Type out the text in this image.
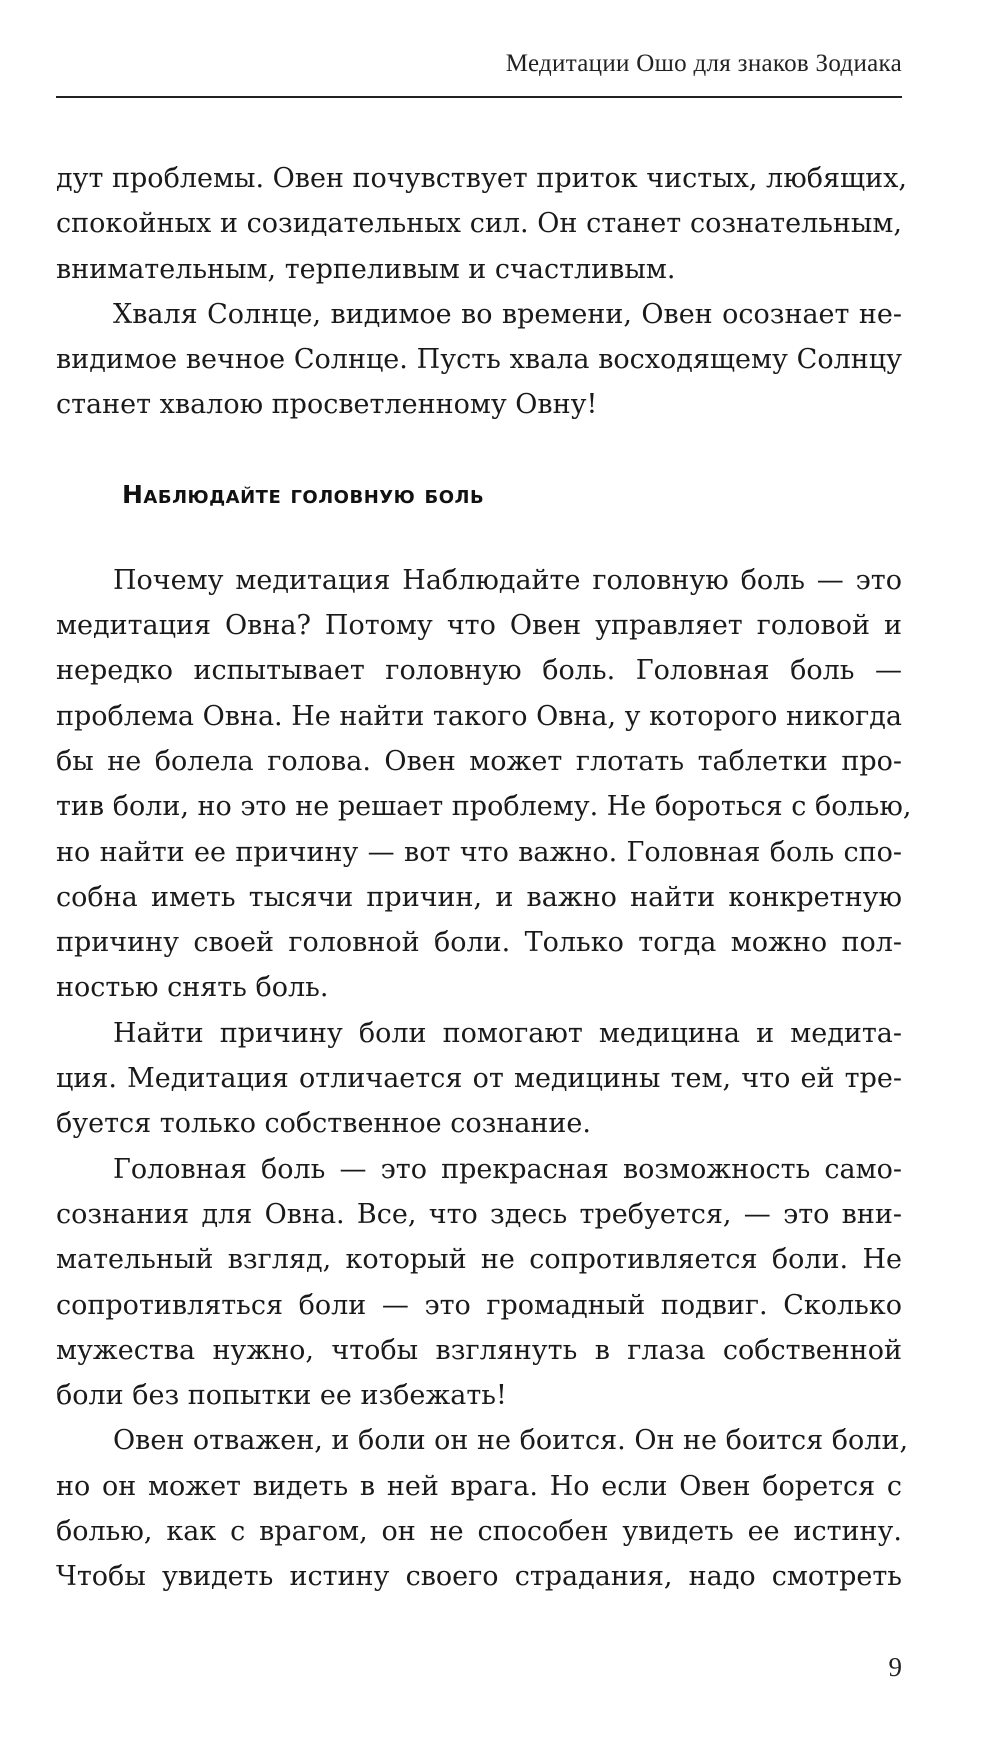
Медитации Ошо для знаков Зодиака
дут проблемы. Овен почувствует приток чистых, любящих,
спокойных и созидательных сил. Он станет сознательным,
внимательным, терпеливым и счастливым.
Хваля Солнце, видимое во времени, Овен осознает не-
видимое вечное Солнце. Пусть хвала восходящему Солнцу
станет хвалою просветленному Овну!
Наблюдайте головную боль
Почему медитация Наблюдайте головную боль — это
медитация Овна? Потому что Овен управляет головой и
нередко испытывает головную боль. Головная боль —
проблема Овна. Не найти такого Овна, у которого никогда
бы не болела голова. Овен может глотать таблетки про-
тив боли, но это не решает проблему. Не бороться с болью,
но найти ее причину — вот что важно. Головная боль спо-
собна иметь тысячи причин, и важно найти конкретную
причину своей головной боли. Только тогда можно пол-
ностью снять боль.
Найти причину боли помогают медицина и медита-
ция. Медитация отличается от медицины тем, что ей тре-
буется только собственное сознание.
Головная боль — это прекрасная возможность само-
сознания для Овна. Все, что здесь требуется, — это вни-
мательный взгляд, который не сопротивляется боли. Не
сопротивляться боли — это громадный подвиг. Сколько
мужества нужно, чтобы взглянуть в глаза собственной
боли без попытки ее избежать!
Овен отважен, и боли он не боится. Он не боится боли,
но он может видеть в ней врага. Но если Овен борется с
болью, как с врагом, он не способен увидеть ее истину.
Чтобы увидеть истину своего страдания, надо смотреть
9
